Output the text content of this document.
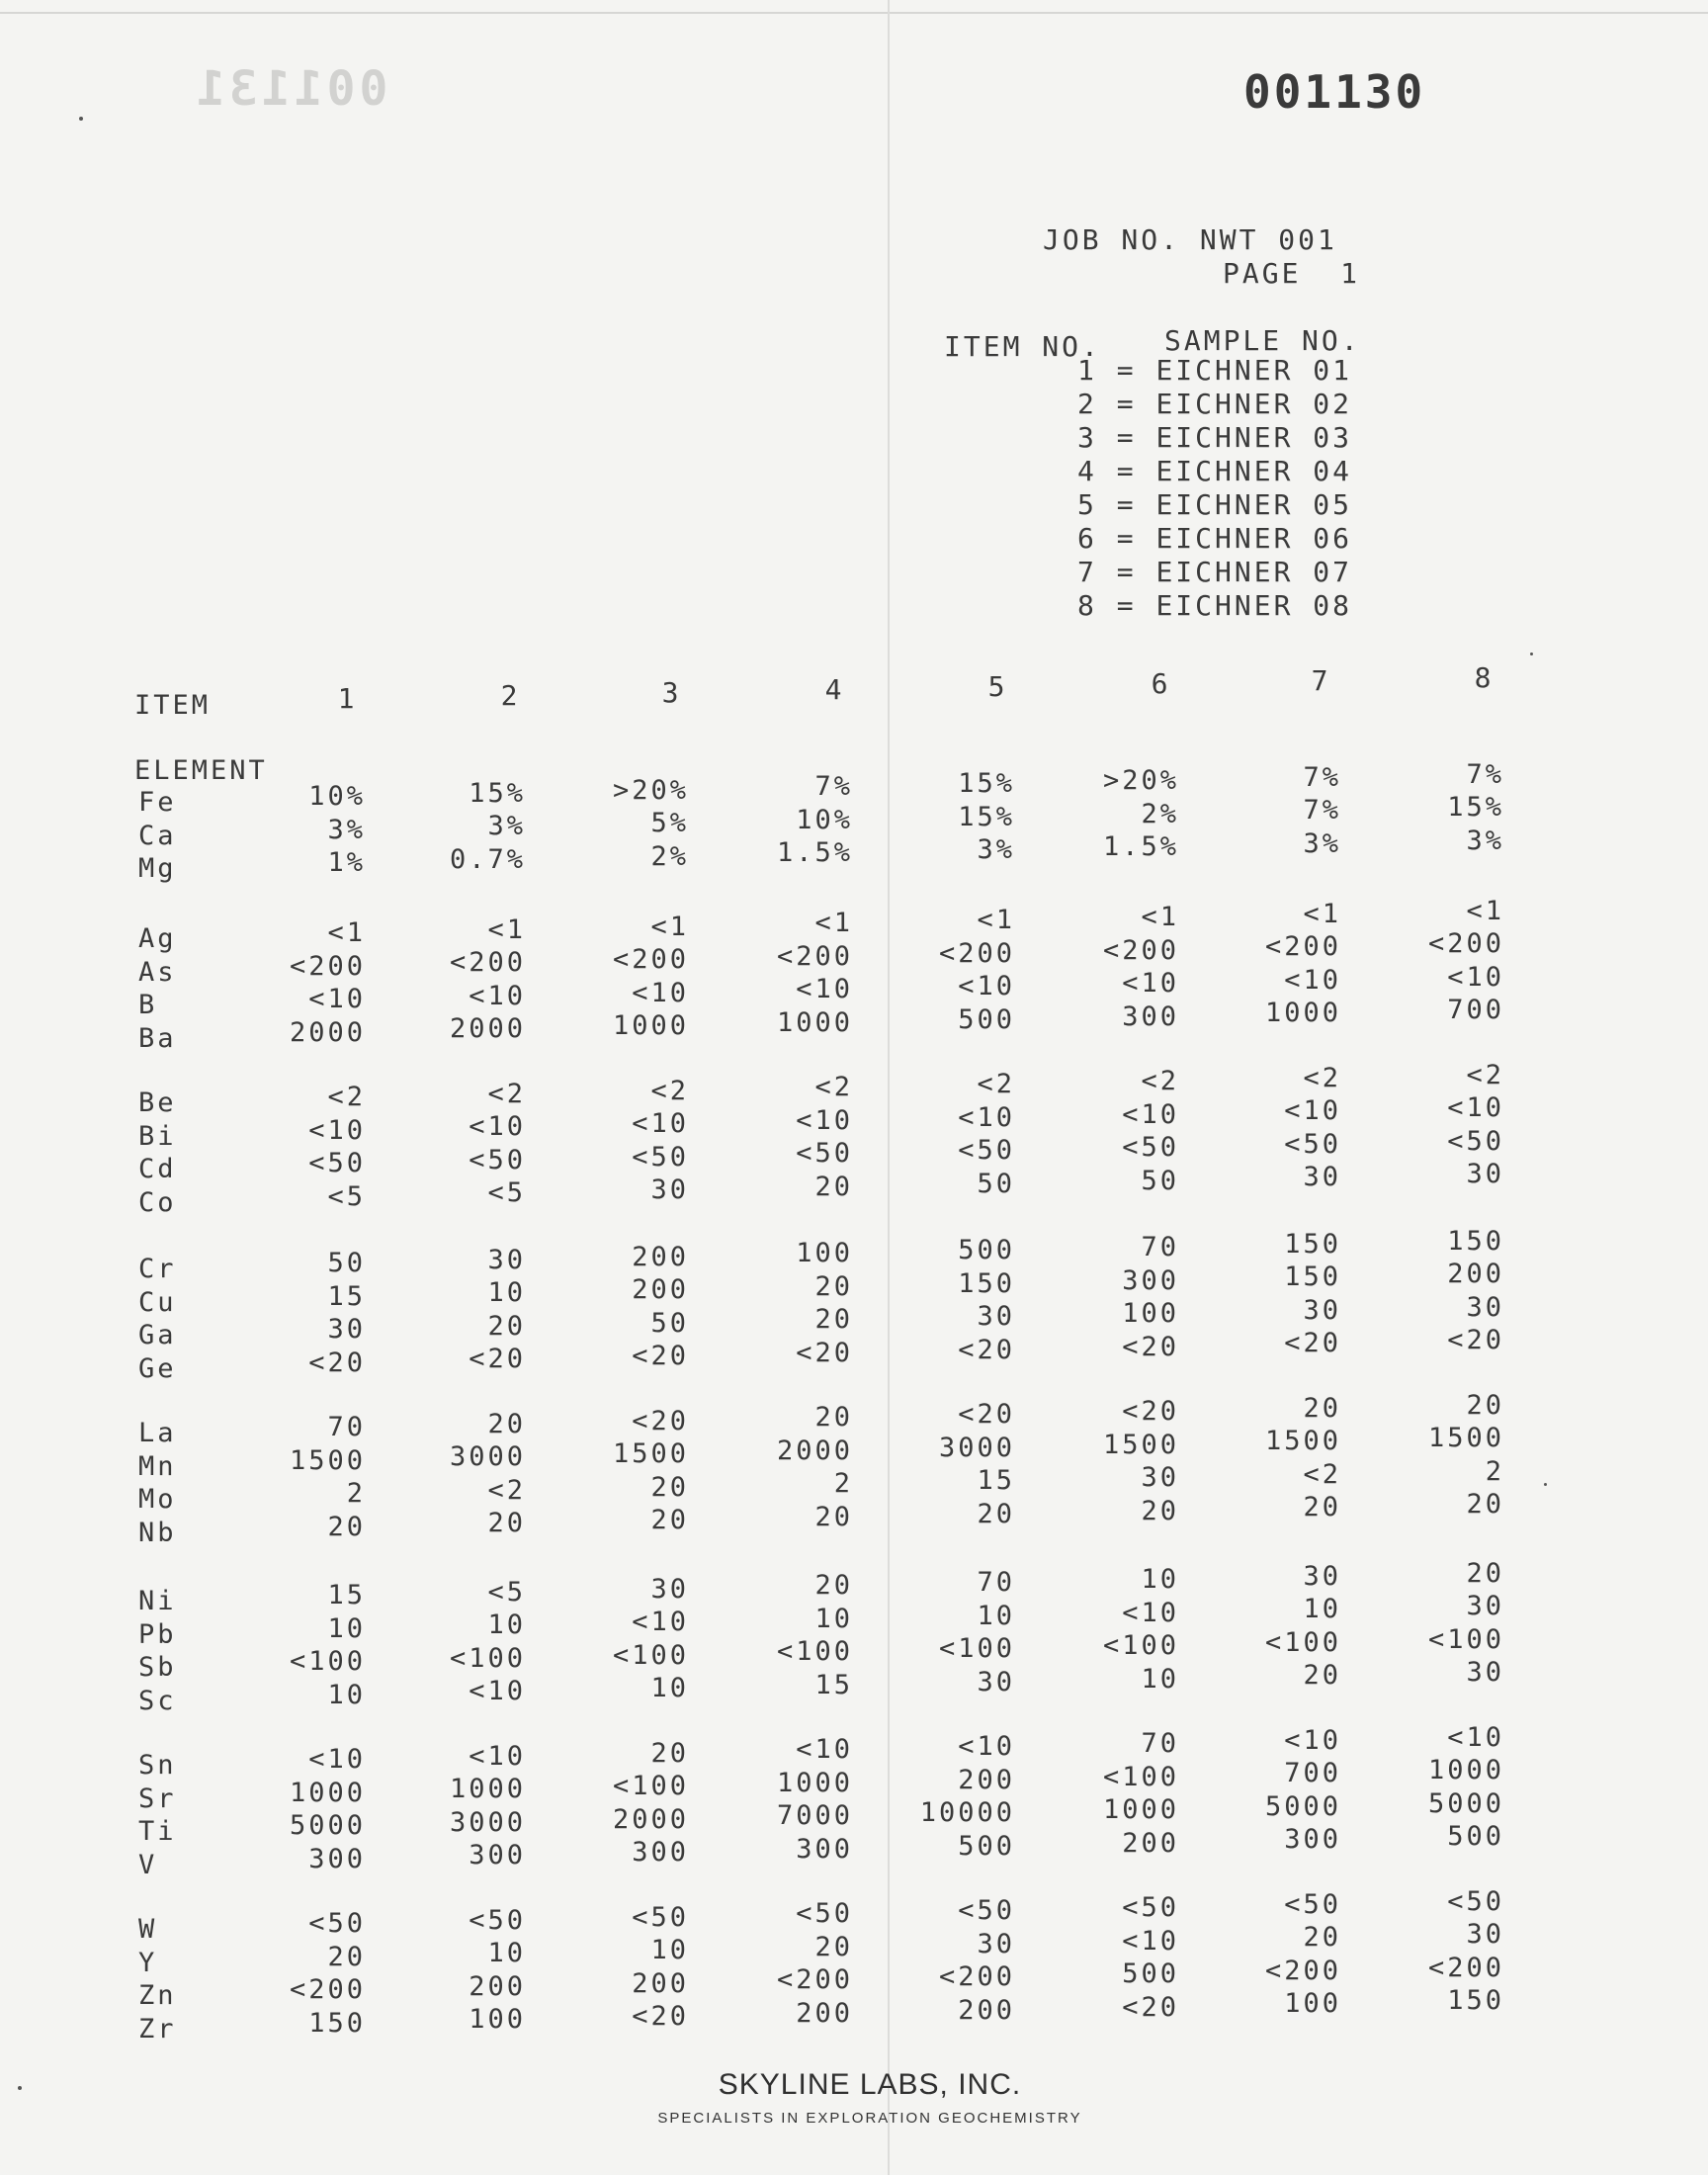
001131	001130
JOB NO. NWT 001
PAGE  1
ITEM NO. SAMPLE NO.
1 = EICHNER 01
2 = EICHNER 02
3 = EICHNER 03
4 = EICHNER 04
5 = EICHNER 05
6 = EICHNER 06
7 = EICHNER 07
8 = EICHNER 08
ITEM
ELEMENT
1	2	3	4	5	6	7	8
Fe	10%	15%	>20%	7%	15%	>20%	7%	7%
Ca	3%	3%	5%	10%	15%	2%	7%	15%
Mg	1%	0.7%	2%	1.5%	3%	1.5%	3%	3%
Ag	<1	<1	<1	<1	<1	<1	<1	<1
As	<200	<200	<200	<200	<200	<200	<200	<200
B	<10	<10	<10	<10	<10	<10	<10	<10
Ba	2000	2000	1000	1000	500	300	1000	700
Be	<2	<2	<2	<2	<2	<2	<2	<2
Bi	<10	<10	<10	<10	<10	<10	<10	<10
Cd	<50	<50	<50	<50	<50	<50	<50	<50
Co	<5	<5	30	20	50	50	30	30
Cr	50	30	200	100	500	70	150	150
Cu	15	10	200	20	150	300	150	200
Ga	30	20	50	20	30	100	30	30
Ge	<20	<20	<20	<20	<20	<20	<20	<20
La	70	20	<20	20	<20	<20	20	20
Mn	1500	3000	1500	2000	3000	1500	1500	1500
Mo	2	<2	20	2	15	30	<2	2
Nb	20	20	20	20	20	20	20	20
Ni	15	<5	30	20	70	10	30	20
Pb	10	10	<10	10	10	<10	10	30
Sb	<100	<100	<100	<100	<100	<100	<100	<100
Sc	10	<10	10	15	30	10	20	30
Sn	<10	<10	20	<10	<10	70	<10	<10
Sr	1000	1000	<100	1000	200	<100	700	1000
Ti	5000	3000	2000	7000	10000	1000	5000	5000
V	300	300	300	300	500	200	300	500
W	<50	<50	<50	<50	<50	<50	<50	<50
Y	20	10	10	20	30	<10	20	30
Zn	<200	200	200	<200	<200	500	<200	<200
Zr	150	100	<20	200	200	<20	100	150
SKYLINE LABS, INC.
SPECIALISTS IN EXPLORATION GEOCHEMISTRY
